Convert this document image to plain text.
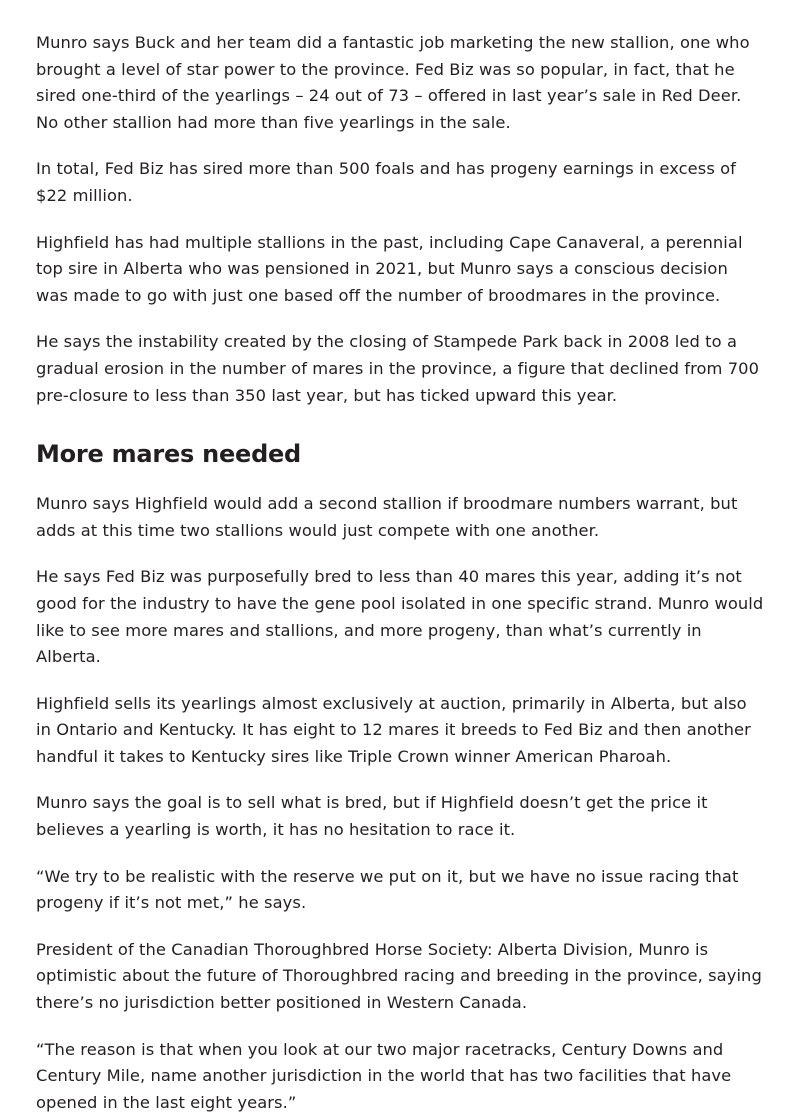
Munro says Buck and her team did a fantastic job marketing the new stallion, one who brought a level of star power to the province. Fed Biz was so popular, in fact, that he sired one-third of the yearlings – 24 out of 73 – offered in last year’s sale in Red Deer. No other stallion had more than five yearlings in the sale.

In total, Fed Biz has sired more than 500 foals and has progeny earnings in excess of $22 million.

Highfield has had multiple stallions in the past, including Cape Canaveral, a perennial top sire in Alberta who was pensioned in 2021, but Munro says a conscious decision was made to go with just one based off the number of broodmares in the province.

He says the instability created by the closing of Stampede Park back in 2008 led to a gradual erosion in the number of mares in the province, a figure that declined from 700 pre-closure to less than 350 last year, but has ticked upward this year.

More mares needed

Munro says Highfield would add a second stallion if broodmare numbers warrant, but adds at this time two stallions would just compete with one another.

He says Fed Biz was purposefully bred to less than 40 mares this year, adding it’s not good for the industry to have the gene pool isolated in one specific strand. Munro would like to see more mares and stallions, and more progeny, than what’s currently in Alberta.

Highfield sells its yearlings almost exclusively at auction, primarily in Alberta, but also in Ontario and Kentucky. It has eight to 12 mares it breeds to Fed Biz and then another handful it takes to Kentucky sires like Triple Crown winner American Pharoah.

Munro says the goal is to sell what is bred, but if Highfield doesn’t get the price it believes a yearling is worth, it has no hesitation to race it.

“We try to be realistic with the reserve we put on it, but we have no issue racing that progeny if it’s not met,” he says.

President of the Canadian Thoroughbred Horse Society: Alberta Division, Munro is optimistic about the future of Thoroughbred racing and breeding in the province, saying there’s no jurisdiction better positioned in Western Canada.

“The reason is that when you look at our two major racetracks, Century Downs and Century Mile, name another jurisdiction in the world that has two facilities that have opened in the last eight years.”
